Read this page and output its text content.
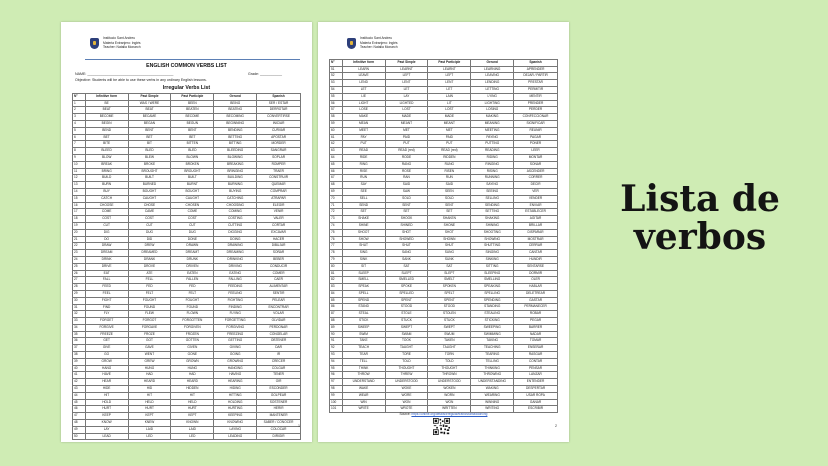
Institucio Sant Andreu
Materia Extranjero: Inglés
Teacher: Natalia Monarch
ENGLISH COMMON VERBS LIST
NAME: ___________________________________________	Grade: ___________
Objective: Students will be able to use these verbs in any ordinary English lessons.
Irregular Verbs List
N°	Infinitive form	Past Simple	Past Participle	Gerund	Spanish
1	BE	WAS / WERE	BEEN	BEING	SER / ESTAR
2	BEAT	BEAT	BEATEN	BEATING	DERROTAR
3	BECOME	BECAME	BECOME	BECOMING	CONVERTIRSE
4	BEGIN	BEGAN	BEGUN	BEGINNING	INICIAR
5	BEND	BENT	BENT	BENDING	CURVAR
6	BET	BET	BET	BETTING	APOSTAR
7	BITE	BIT	BITTEN	BITTING	MORDER
8	BLEED	BLED	BLED	BLEEDING	SANGRAR
9	BLOW	BLEW	BLOWN	BLOWING	SOPLAR
10	BREAK	BROKE	BROKEN	BREAKING	ROMPER
11	BRING	BROUGHT	BROUGHT	BRINGING	TRAER
12	BUILD	BUILT	BUILT	BUILDING	CONSTRUIR
13	BURN	BURNED	BURNT	BURNING	QUEMAR
14	BUY	BOUGHT	BOUGHT	BUYING	COMPRAR
15	CATCH	CAUGHT	CAUGHT	CATCHING	ATRAPAR
16	CHOOSE	CHOSE	CHOSEN	CHOOSING	ELEGIR
17	COME	CAME	COME	COMING	VENIR
18	COST	COST	COST	COSTING	VALER
19	CUT	CUT	CUT	CUTTING	CORTAR
20	DIG	DUG	DUG	DIGGING	EXCAVAR
21	DO	DID	DONE	DOING	HACER
22	DRAW	DREW	DRAWN	DRAWING	DIBUJAR
23	DREAM	DREAMED	DREAMT	DREAMING	SOÑAR
24	DRINK	DRANK	DRUNK	DRINKING	BEBER
25	DRIVE	DROVE	DRIVEN	DRIVING	CONDUCIR
26	EAT	ATE	EATEN	EATING	COMER
27	FALL	FELL	FALLEN	FALLING	CAER
28	FEED	FED	FED	FEEDING	ALIMENTAR
29	FEEL	FELT	FELT	FEELING	SENTIR
30	FIGHT	FOUGHT	FOUGHT	FIGHTING	PELEAR
31	FIND	FOUND	FOUND	FINDING	ENCONTRAR
32	FLY	FLEW	FLOWN	FLYING	VOLAR
33	FORGET	FORGOT	FORGOTTEN	FORGETTING	OLVIDAR
34	FORGIVE	FORGAVE	FORGIVEN	FORGIVING	PERDONAR
35	FREEZE	FROZE	FROZEN	FREEZING	CONGELAR
36	GET	GOT	GOTTEN	GETTING	OBTENER
37	GIVE	GAVE	GIVEN	GIVING	DAR
38	GO	WENT	GONE	GOING	IR
39	GROW	GREW	GROWN	GROWING	CRECER
40	HANG	HUNG	HUNG	HANGING	COLGAR
41	HAVE	HAD	HAD	HAVING	TENER
42	HEAR	HEARD	HEARD	HEARING	OIR
43	HIDE	HID	HIDDEN	HIDING	ESCONDER
44	HIT	HIT	HIT	HITTING	GOLPEAR
45	HOLD	HELD	HELD	HOLDING	SOSTENER
46	HURT	HURT	HURT	HURTING	HERIR
47	KEEP	KEPT	KEPT	KEEPING	MANTENER
48	KNOW	KNEW	KNOWN	KNOWING	SABER / CONOCER
49	LAY	LAID	LAID	LAYING	COLOCAR
50	LEAD	LED	LED	LEADING	DIRIGIR
1
Institucio Sant Andreu
Materia Extranjero: Inglés
Teacher: Natalia Monarch
N°	Infinitive form	Past Simple	Past Participle	Gerund	Spanish
51	LEARN	LEARNT	LEARNT	LEARNING	APRENDER
52	LEAVE	LEFT	LEFT	LEAVING	DEJAR / PARTIR
53	LEND	LENT	LENT	LENDING	PRESTAR
54	LET	LET	LET	LETTING	PERMITIR
55	LIE	LAY	LAIN	LYING	MENTIR
56	LIGHT	LIGHTED	LIT	LIGHTING	PRENDER
57	LOSE	LOST	LOST	LOSING	PERDER
58	MAKE	MADE	MADE	MAKING	CONFECCIONAR
59	MEAN	MEANT	MEANT	MEANING	SIGNIFICAR
60	MEET	MET	MET	MEETING	REUNIR
61	PAY	PAID	PAID	PAYING	PAGAR
62	PUT	PUT	PUT	PUTTING	PONER
63	READ	READ (red)	READ (red)	READING	LEER
64	RIDE	RODE	RIDDEN	RIDING	MONTAR
65	RING	RANG	RUNG	RINGING	SONAR
66	RISE	ROSE	RISEN	RISING	ASCENDER
67	RUN	RAN	RUN	RUNNING	CORRER
68	SAY	SAID	SAID	SAYING	DECIR
69	SEE	SAW	SEEN	SEEING	VER
70	SELL	SOLD	SOLD	SELLING	VENDER
71	SEND	SENT	SENT	SENDING	ENVIAR
72	SET	SET	SET	SETTING	ESTABLECER
73	SHAKE	SHOOK	SHAKEN	SHAKING	AGITAR
74	SHINE	SHINED	SHONE	SHINING	BRILLAR
75	SHOOT	SHOT	SHOT	SHOOTING	DISPARAR
76	SHOW	SHOWED	SHOWN	SHOWING	MOSTRAR
77	SHUT	SHUT	SHUT	SHUTTING	CERRAR
78	SING	SANG	SUNG	SINGING	CANTAR
79	SINK	SANK	SUNK	SINKING	HUNDIR
80	SIT	SAT	SAT	SITTING	SENTARSE
81	SLEEP	SLEPT	SLEPT	SLEEPING	DORMIR
82	SMELL	SMELLED	SMELT	SMELLING	OLER
83	SPEAK	SPOKE	SPOKEN	SPEAKING	HABLAR
84	SPELL	SPELLED	SPELT	SPELLING	DELETREAR
85	SPEND	SPENT	SPENT	SPENDING	GASTAR
86	STAND	STOOD	STOOD	STANDING	PERMANECER
87	STEAL	STOLE	STOLEN	STEALING	ROBAR
88	STICK	STUCK	STUCK	STICKING	PEGAR
89	SWEEP	SWEPT	SWEPT	SWEEPING	BARRER
90	SWIM	SWAM	SWUM	SWIMMING	NADAR
91	TAKE	TOOK	TAKEN	TAKING	TOMAR
92	TEACH	TAUGHT	TAUGHT	TEACHING	ENSEÑAR
93	TEAR	TORE	TORN	TEARING	RASGAR
94	TELL	TOLD	TOLD	TELLING	CONTAR
95	THINK	THOUGHT	THOUGHT	THINKING	PENSAR
96	THROW	THREW	THROWN	THROWING	LANZAR
97	UNDERSTAND	UNDERSTOOD	UNDERSTOOD	UNDERSTANDING	ENTENDER
98	WAKE	WOKE	WOKEN	WAKING	DESPERTAR
99	WEAR	WORE	WORN	WEARING	USAR ROPA
100	WIN	WON	WON	WINNING	GANAR
101	WRITE	WROTE	WRITTEN	WRITING	ESCRIBIR
Source: https://online.org/details/irregular/trabicsturbaddon/ing
2
Lista de verbos
